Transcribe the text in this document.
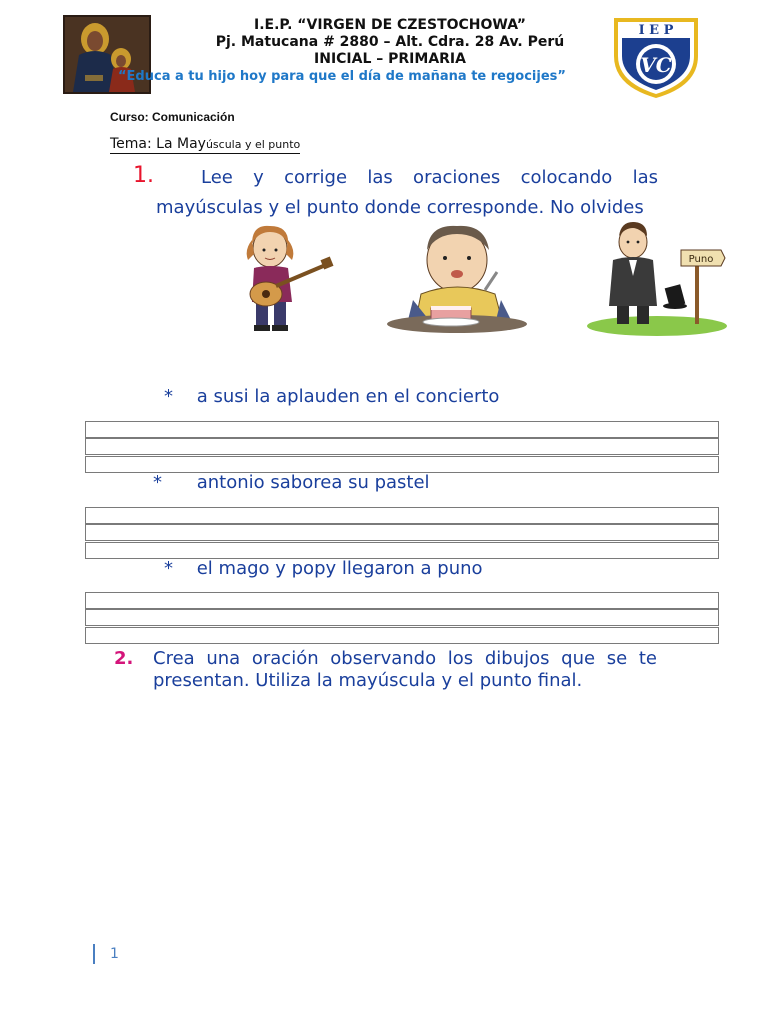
I.E.P. “VIRGEN DE CZESTOCHOWA”
Pj. Matucana # 2880 – Alt. Cdra. 28 Av. Perú
INICIAL – PRIMARIA
“Educa a tu hijo hoy para que el día de mañana te regocijes”
I E P
VC
Curso: Comunicación
Tema: La Mayúscula y el punto
1.	Lee y corrige las oraciones colocando las mayúsculas y el punto donde corresponde. No olvides
Puno
* a susi la aplauden en el concierto
* antonio saborea su pastel
* el mago y popy llegaron a puno
2. Crea una oración observando los dibujos que se te presentan. Utiliza la mayúscula y el punto final.
1
